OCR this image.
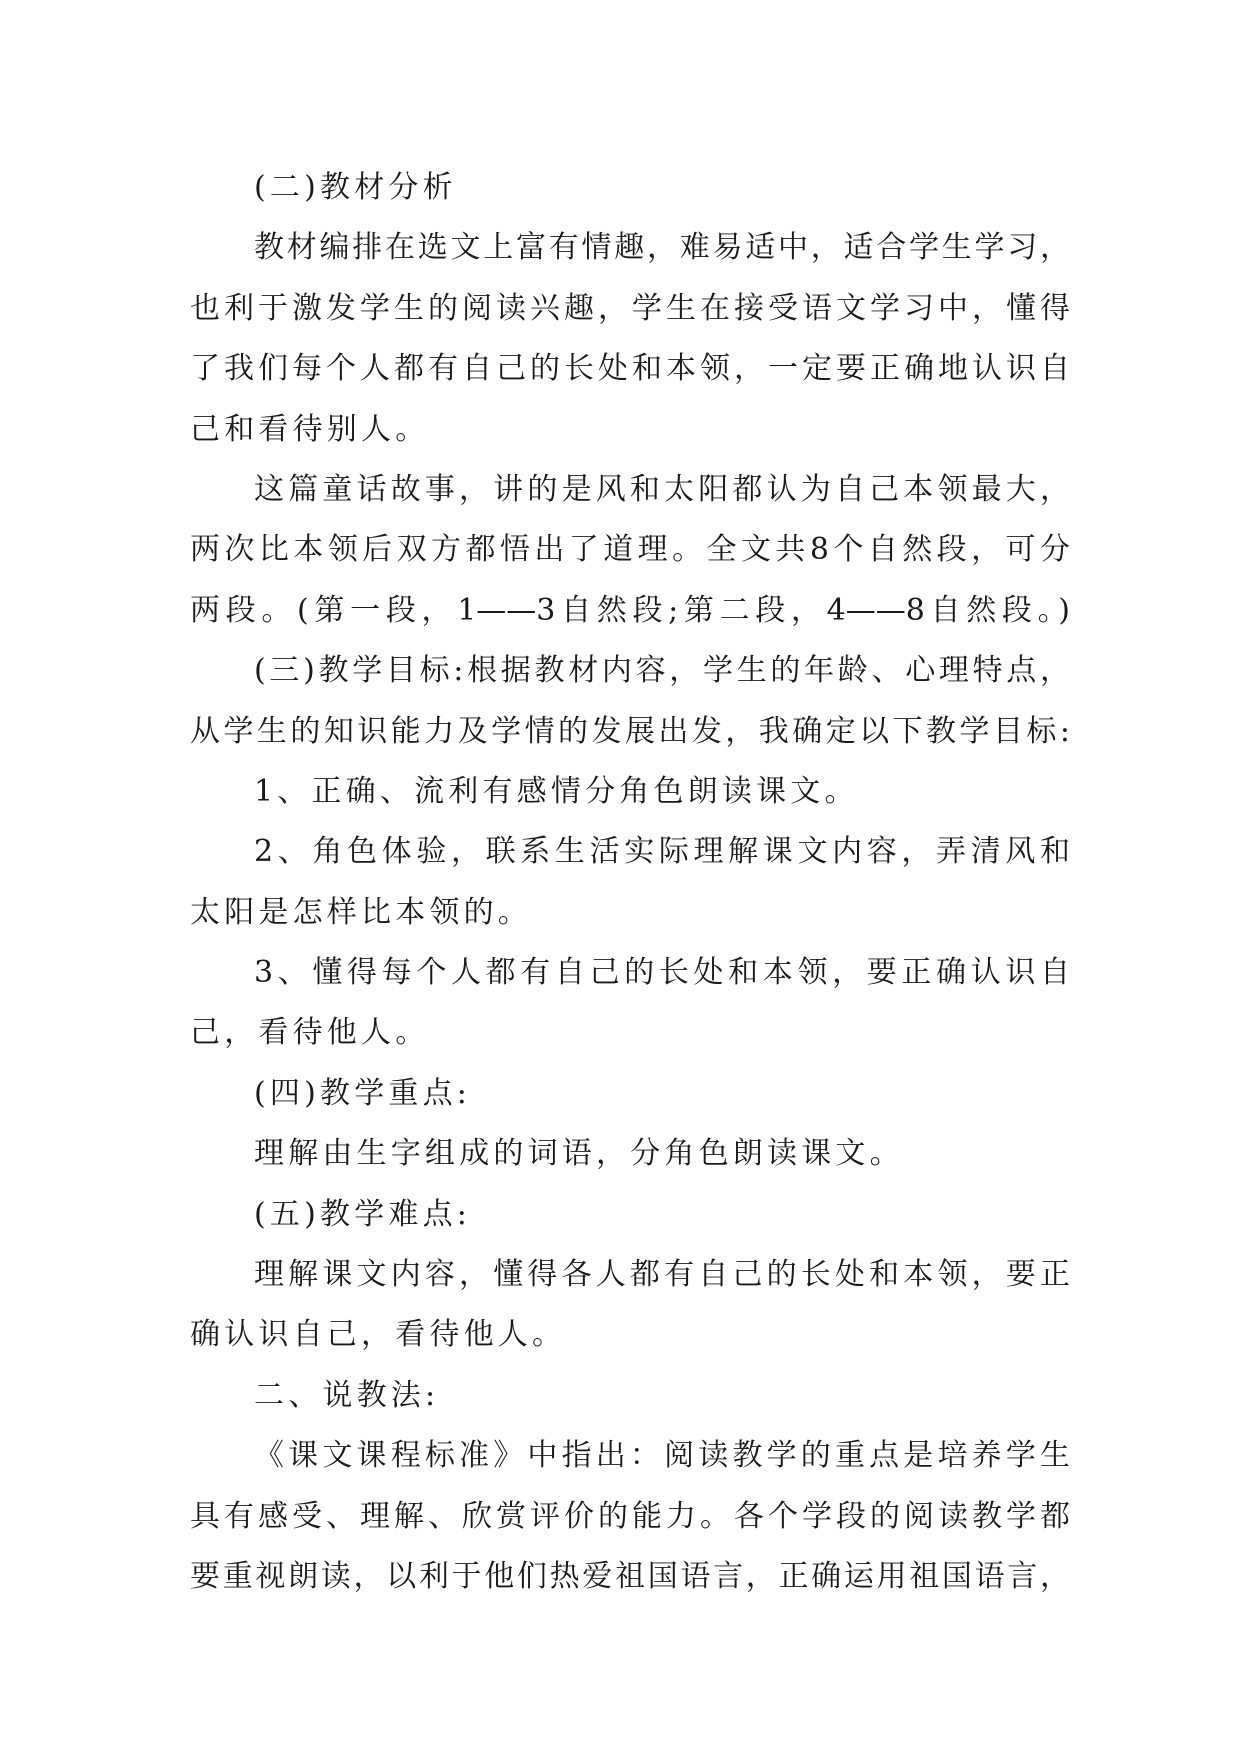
(二)教材分析
教材编排在选文上富有情趣，难易适中，适合学生学习，
也利于激发学生的阅读兴趣，学生在接受语文学习中，懂得
了我们每个人都有自己的长处和本领，一定要正确地认识自
己和看待别人。
这篇童话故事，讲的是风和太阳都认为自己本领最大，
两次比本领后双方都悟出了道理。全文共8个自然段，可分
两段。(第一段，1——3自然段;第二段，4——8自然段。)
(三)教学目标:根据教材内容，学生的年龄、心理特点，
从学生的知识能力及学情的发展出发，我确定以下教学目标:
1、正确、流利有感情分角色朗读课文。
2、角色体验，联系生活实际理解课文内容，弄清风和
太阳是怎样比本领的。
3、懂得每个人都有自己的长处和本领，要正确认识自
己，看待他人。
(四)教学重点:
理解由生字组成的词语，分角色朗读课文。
(五)教学难点:
理解课文内容，懂得各人都有自己的长处和本领，要正
确认识自己，看待他人。
二、说教法:
《课文课程标准》中指出：阅读教学的重点是培养学生
具有感受、理解、欣赏评价的能力。各个学段的阅读教学都
要重视朗读，以利于他们热爱祖国语言，正确运用祖国语言，
